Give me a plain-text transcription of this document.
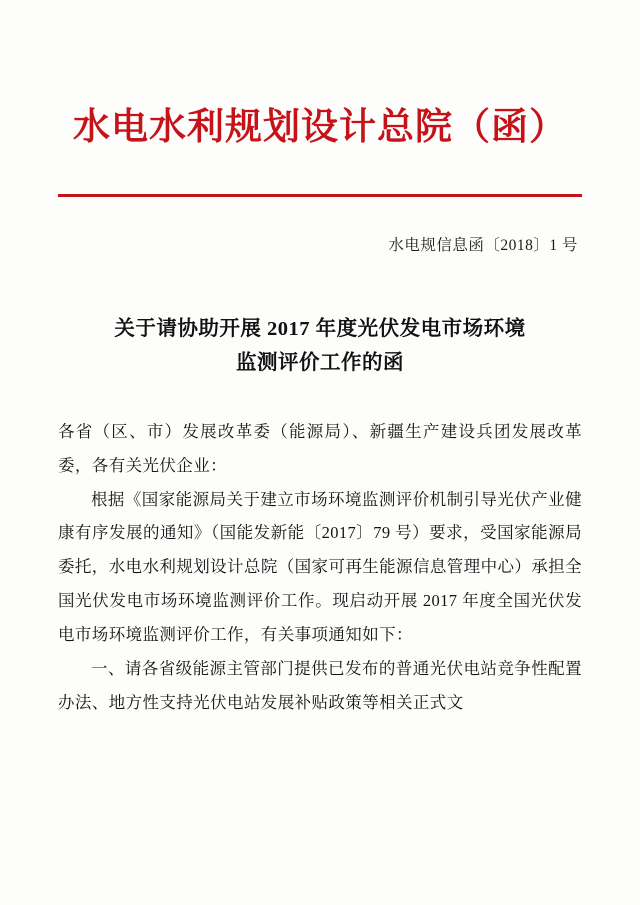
水电水利规划设计总院（函）
水电规信息函〔2018〕1 号
关于请协助开展 2017 年度光伏发电市场环境
监测评价工作的函

各省（区、市）发展改革委（能源局）、新疆生产建设兵团发展改革委，各有关光伏企业：

根据《国家能源局关于建立市场环境监测评价机制引导光伏产业健康有序发展的通知》（国能发新能〔2017〕79 号）要求，受国家能源局委托，水电水利规划设计总院（国家可再生能源信息管理中心）承担全国光伏发电市场环境监测评价工作。现启动开展 2017 年度全国光伏发电市场环境监测评价工作，有关事项通知如下：

一、请各省级能源主管部门提供已发布的普通光伏电站竞争性配置办法、地方性支持光伏电站发展补贴政策等相关正式文
